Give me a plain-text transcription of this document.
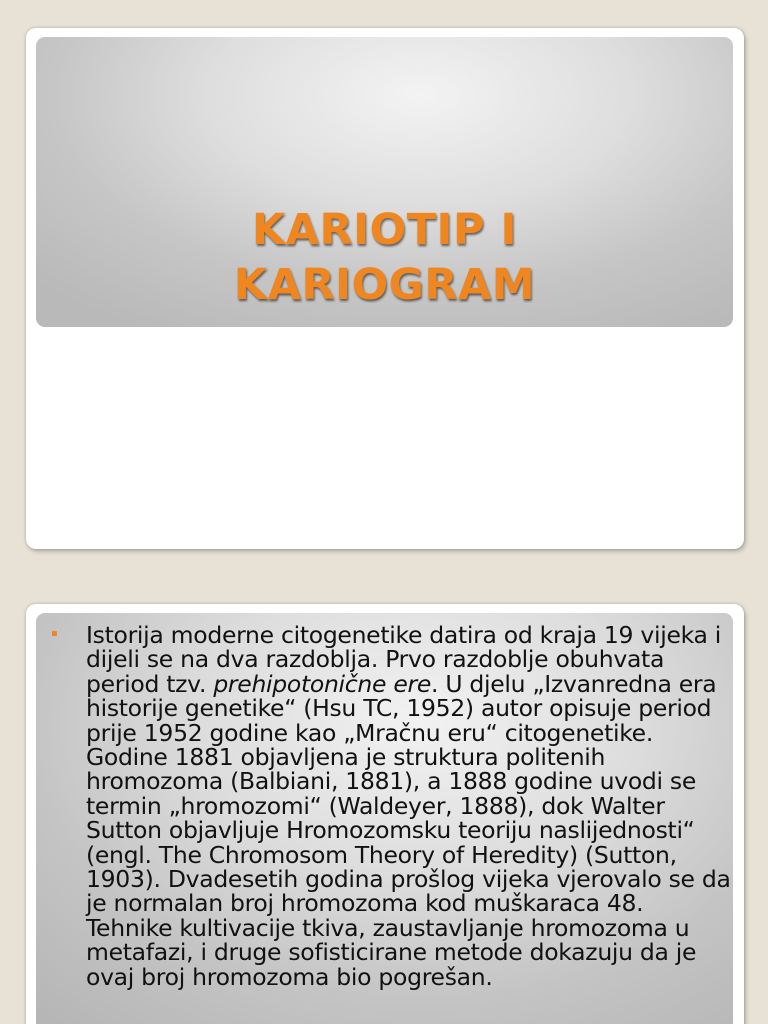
KARIOTIP I
KARIOGRAM

Istorija moderne citogenetike datira od kraja 19 vijeka i dijeli se na dva razdoblja. Prvo razdoblje obuhvata period tzv. prehipotonične ere. U djelu „Izvanredna era historije genetike“ (Hsu TC, 1952) autor opisuje period prije 1952 godine kao „Mračnu eru“ citogenetike. Godine 1881 objavljena je struktura politenih hromozoma (Balbiani, 1881), a 1888 godine uvodi se termin „hromozomi“ (Waldeyer, 1888), dok Walter Sutton objavljuje Hromozomsku teoriju naslijednosti“ (engl. The Chromosom Theory of Heredity) (Sutton, 1903). Dvadesetih godina prošlog vijeka vjerovalo se da je normalan broj hromozoma kod muškaraca 48. Tehnike kultivacije tkiva, zaustavljanje hromozoma u metafazi, i druge sofisticirane metode dokazuju da je ovaj broj hromozoma bio pogrešan.
